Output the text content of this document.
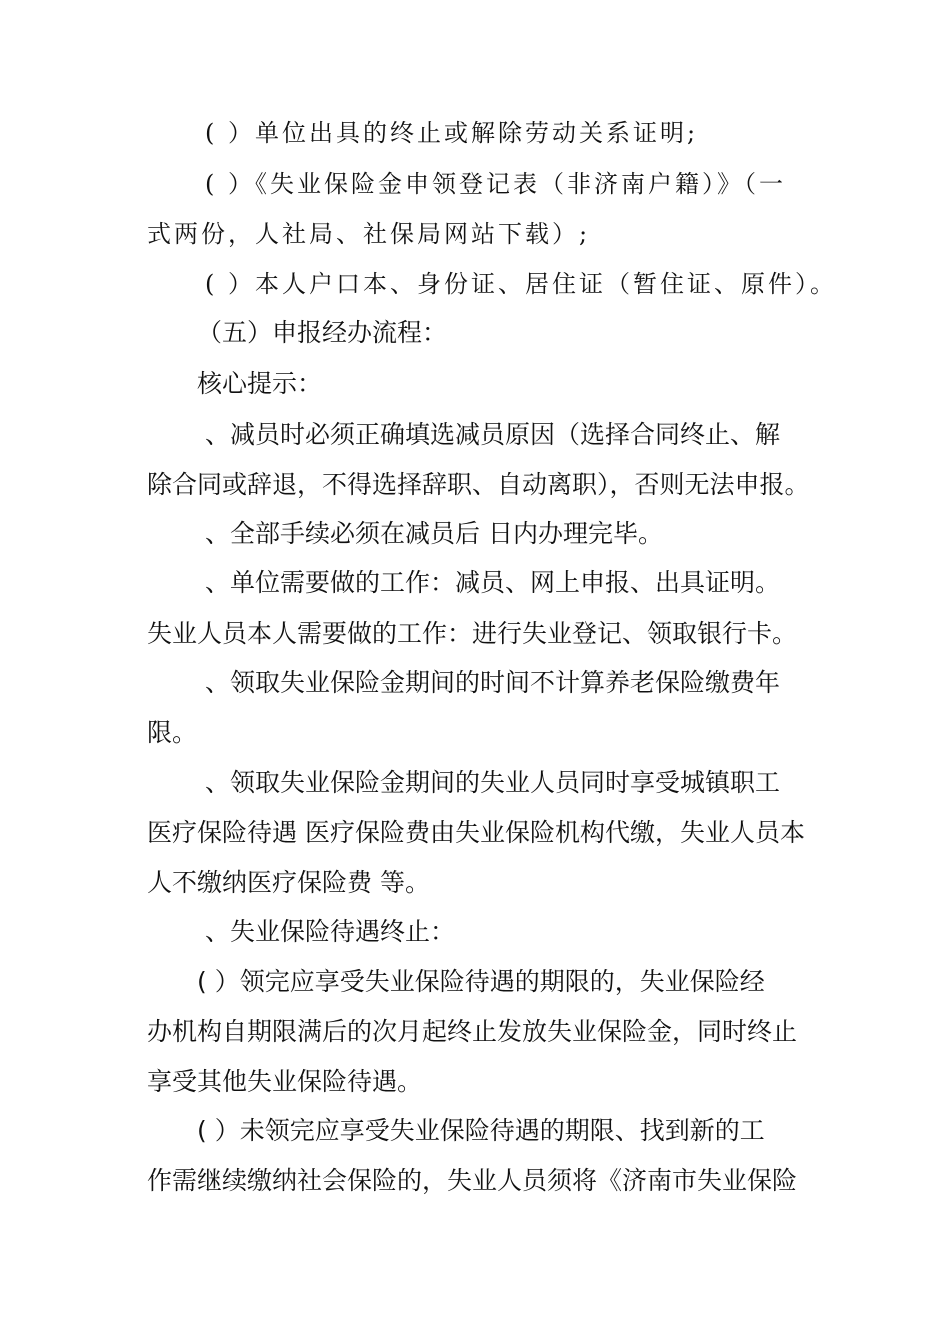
( ）单位出具的终止或解除劳动关系证明;
( ）《失业保险金申领登记表（非济南户籍）》（一
式两份，人社局、社保局网站下载）;
( ）本人户口本、身份证、居住证（暂住证、原件）。
（五）申报经办流程：
核心提示：
、减员时必须正确填选减员原因（选择合同终止、解
除合同或辞退，不得选择辞职、自动离职），否则无法申报。
、全部手续必须在减员后 日内办理完毕。
、单位需要做的工作：减员、网上申报、出具证明。
失业人员本人需要做的工作：进行失业登记、领取银行卡。
、领取失业保险金期间的时间不计算养老保险缴费年
限。
、领取失业保险金期间的失业人员同时享受城镇职工
医疗保险待遇 医疗保险费由失业保险机构代缴，失业人员本
人不缴纳医疗保险费 等。
、失业保险待遇终止：
( ）领完应享受失业保险待遇的期限的，失业保险经
办机构自期限满后的次月起终止发放失业保险金，同时终止
享受其他失业保险待遇。
( ）未领完应享受失业保险待遇的期限、找到新的工
作需继续缴纳社会保险的，失业人员须将《济南市失业保险
